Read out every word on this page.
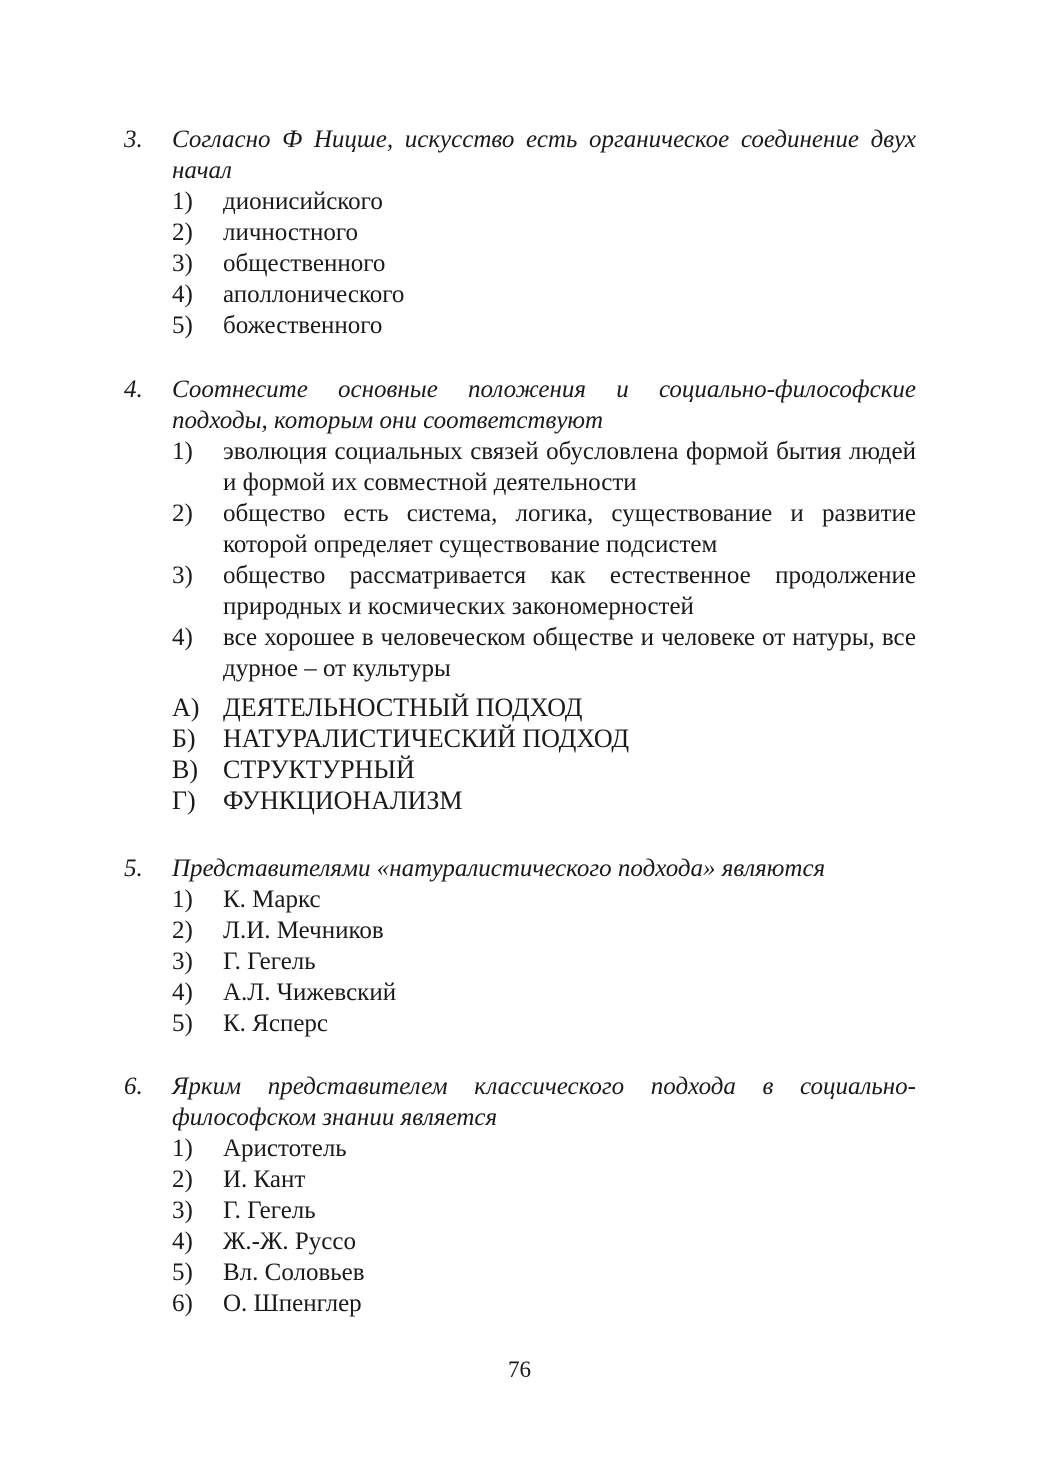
3. Согласно Ф Ницше, искусство есть органическое соединение двух начал
1) дионисийского
2) личностного
3) общественного
4) аполлонического
5) божественного
4. Соотнесите основные положения и социально-философские подходы, которым они соответствуют
1) эволюция социальных связей обусловлена формой бытия людей и формой их совместной деятельности
2) общество есть система, логика, существование и развитие которой определяет существование подсистем
3) общество рассматривается как естественное продолжение природных и космических закономерностей
4) все хорошее в человеческом обществе и человеке от натуры, все дурное – от культуры
А) ДЕЯТЕЛЬНОСТНЫЙ ПОДХОД
Б) НАТУРАЛИСТИЧЕСКИЙ ПОДХОД
В) СТРУКТУРНЫЙ
Г) ФУНКЦИОНАЛИЗМ
5. Представителями «натуралистического подхода» являются
1) К. Маркс
2) Л.И. Мечников
3) Г. Гегель
4) А.Л. Чижевский
5) К. Ясперс
6. Ярким представителем классического подхода в социально-философском знании является
1) Аристотель
2) И. Кант
3) Г. Гегель
4) Ж.-Ж. Руссо
5) Вл. Соловьев
6) О. Шпенглер
76
